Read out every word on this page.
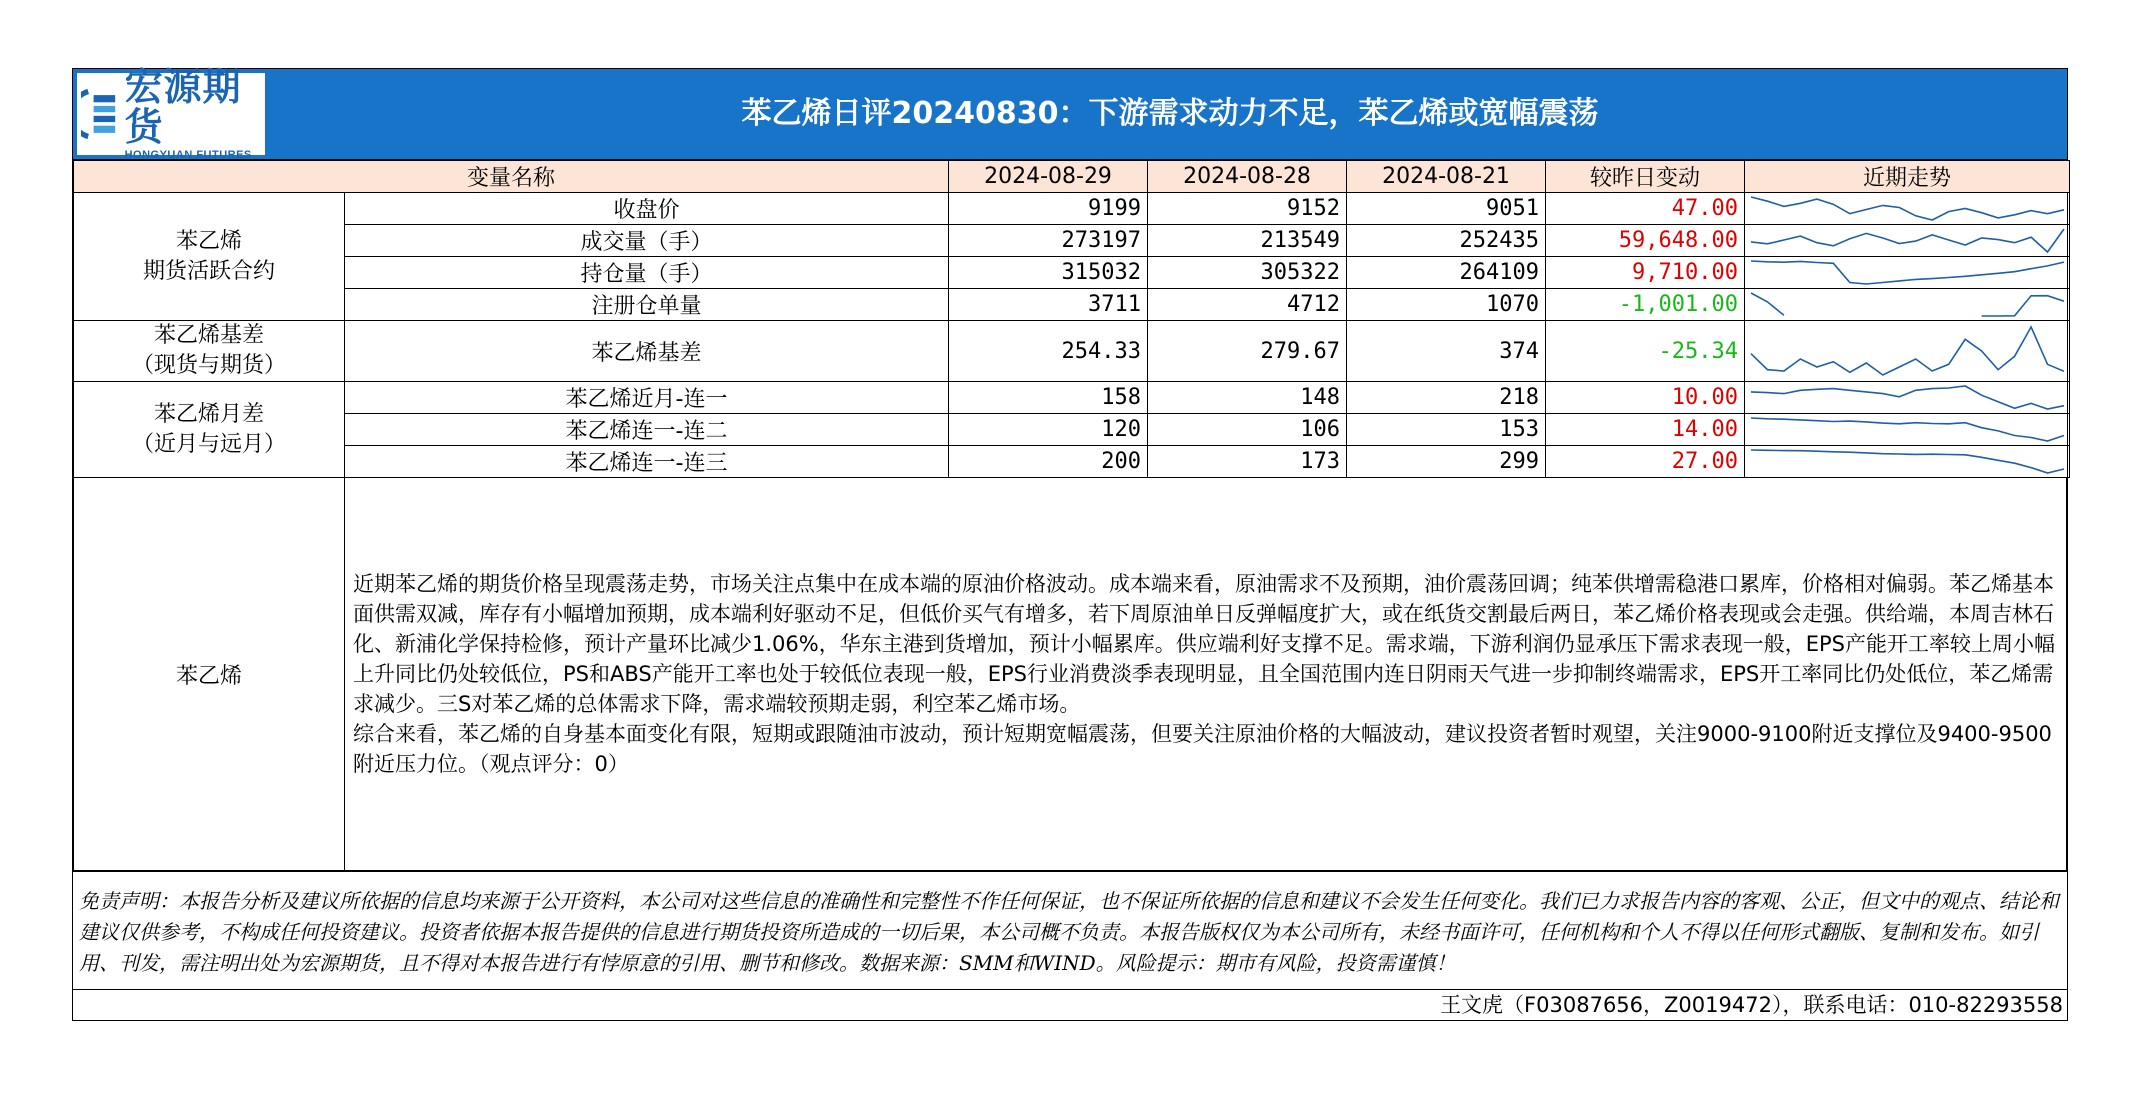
宏源期货
HONGYUAN FUTURES
苯乙烯日评20240830：下游需求动力不足，苯乙烯或宽幅震荡
变量名称		2024-08-29	2024-08-28	2024-08-21	较昨日变动	近期走势

苯乙烯
期货活跃合约	收盘价	9199	9152	9051	47.00	

	成交量（手）	273197	213549	252435	59,648.00	

	持仓量（手）	315032	305322	264109	9,710.00	

	注册仓单量	3711	4712	1070	-1,001.00	

苯乙烯基差
（现货与期货）	苯乙烯基差	254.33	279.67	374	-25.34	

苯乙烯月差
（近月与远月）	苯乙烯近月-连一	158	148	218	10.00	

	苯乙烯连一-连二	120	106	153	14.00	

	苯乙烯连一-连三	200	173	299	27.00	
苯乙烯	
近期苯乙烯的期货价格呈现震荡走势，市场关注点集中在成本端的原油价格波动。成本端来看，原油需求不及预期，油价震荡回调；纯苯供增需稳港口累库，价格相对偏弱。苯乙烯基本面供需双减，库存有小幅增加预期，成本端利好驱动不足，但低价买气有增多，若下周原油单日反弹幅度扩大，或在纸货交割最后两日，苯乙烯价格表现或会走强。供给端，本周吉林石化、新浦化学保持检修，预计产量环比减少1.06%，华东主港到货增加，预计小幅累库。供应端利好支撑不足。需求端，下游利润仍显承压下需求表现一般，EPS产能开工率较上周小幅上升同比仍处较低位，PS和ABS产能开工率也处于较低位表现一般，EPS行业消费淡季表现明显，且全国范围内连日阴雨天气进一步抑制终端需求，EPS开工率同比仍处低位，苯乙烯需求减少。三S对苯乙烯的总体需求下降，需求端较预期走弱，利空苯乙烯市场。
综合来看，苯乙烯的自身基本面变化有限，短期或跟随油市波动，预计短期宽幅震荡，但要关注原油价格的大幅波动，建议投资者暂时观望，关注9000-9100附近支撑位及9400-9500附近压力位。（观点评分：0）
免责声明：本报告分析及建议所依据的信息均来源于公开资料，本公司对这些信息的准确性和完整性不作任何保证，也不保证所依据的信息和建议不会发生任何变化。我们已力求报告内容的客观、公正，但文中的观点、结论和建议仅供参考，不构成任何投资建议。投资者依据本报告提供的信息进行期货投资所造成的一切后果，本公司概不负责。本报告版权仅为本公司所有，未经书面许可，任何机构和个人不得以任何形式翻版、复制和发布。如引用、刊发，需注明出处为宏源期货，且不得对本报告进行有悖原意的引用、删节和修改。数据来源：SMM和WIND。风险提示：期市有风险，投资需谨慎！
王文虎（F03087656，Z0019472），联系电话：010-82293558
